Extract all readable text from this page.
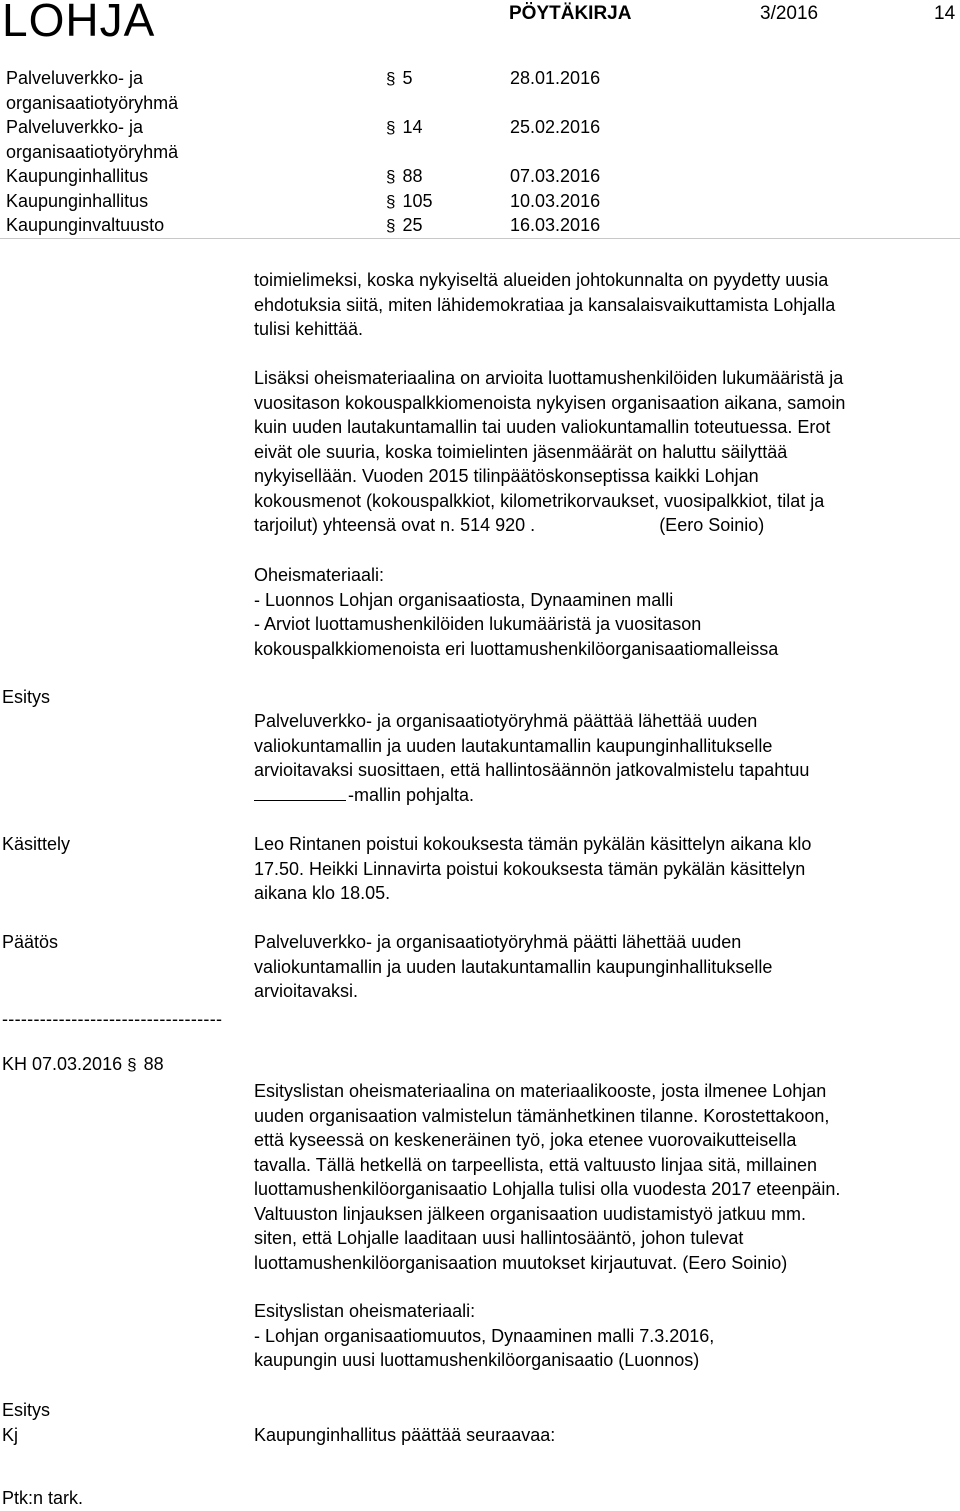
LOHJA	PÖYTÄKIRJA	3/2016	14
Palveluverkko- ja
organisaatiotyöryhmä
§ 5	28.01.2016
Palveluverkko- ja
organisaatiotyöryhmä
§ 14	25.02.2016
Kaupunginhallitus	§ 88	07.03.2016
Kaupunginhallitus	§ 105	10.03.2016
Kaupunginvaltuusto	§ 25	16.03.2016

toimielimeksi, koska nykyiseltä alueiden johtokunnalta on pyydetty uusia

ehdotuksia siitä, miten lähidemokratiaa ja kansalaisvaikuttamista Lohjalla

tulisi kehittää.

Lisäksi oheismateriaalina on arvioita luottamushenkilöiden lukumääristä ja

vuositason kokouspalkkiomenoista nykyisen organisaation aikana, samoin

kuin uuden lautakuntamallin tai uuden valiokuntamallin toteutuessa. Erot

eivät ole suuria, koska toimielinten jäsenmäärät on haluttu säilyttää

nykyisellään. Vuoden 2015 tilinpäätöskonseptissa kaikki Lohjan

kokousmenot (kokouspalkkiot, kilometrikorvaukset, vuosipalkkiot, tilat ja

tarjoilut) yhteensä ovat n. 514 920 .	(Eero Soinio)

Oheismateriaali:

- Luonnos Lohjan organisaatiosta, Dynaaminen malli

- Arviot luottamushenkilöiden lukumääristä ja vuositason

kokouspalkkiomenoista eri luottamushenkilöorganisaatiomalleissa

Esitys

Palveluverkko- ja organisaatiotyöryhmä päättää lähettää uuden

valiokuntamallin ja uuden lautakuntamallin kaupunginhallitukselle

arvioitavaksi suosittaen, että hallintosäännön jatkovalmistelu tapahtuu

-mallin pohjalta.

Käsittely	Leo Rintanen poistui kokouksesta tämän pykälän käsittelyn aikana klo

17.50. Heikki Linnavirta poistui kokouksesta tämän pykälän käsittelyn

aikana klo 18.05.

Päätös	Palveluverkko- ja organisaatiotyöryhmä päätti lähettää uuden

valiokuntamallin ja uuden lautakuntamallin kaupunginhallitukselle

arvioitavaksi.

-----------------------------------
KH 07.03.2016 § 88

Esityslistan oheismateriaalina on materiaalikooste, josta ilmenee Lohjan

uuden organisaation valmistelun tämänhetkinen tilanne. Korostettakoon,

että kyseessä on keskeneräinen työ, joka etenee vuorovaikutteisella

tavalla. Tällä hetkellä on tarpeellista, että valtuusto linjaa sitä, millainen

luottamushenkilöorganisaatio Lohjalla tulisi olla vuodesta 2017 eteenpäin.

Valtuuston linjauksen jälkeen organisaation uudistamistyö jatkuu mm.

siten, että Lohjalle laaditaan uusi hallintosääntö, johon tulevat

luottamushenkilöorganisaation muutokset kirjautuvat. (Eero Soinio)

Esityslistan oheismateriaali:

- Lohjan organisaatiomuutos, Dynaaminen malli 7.3.2016,

kaupungin uusi luottamushenkilöorganisaatio (Luonnos)

Esitys
Kj	Kaupunginhallitus päättää seuraavaa:

Ptk:n tark.
